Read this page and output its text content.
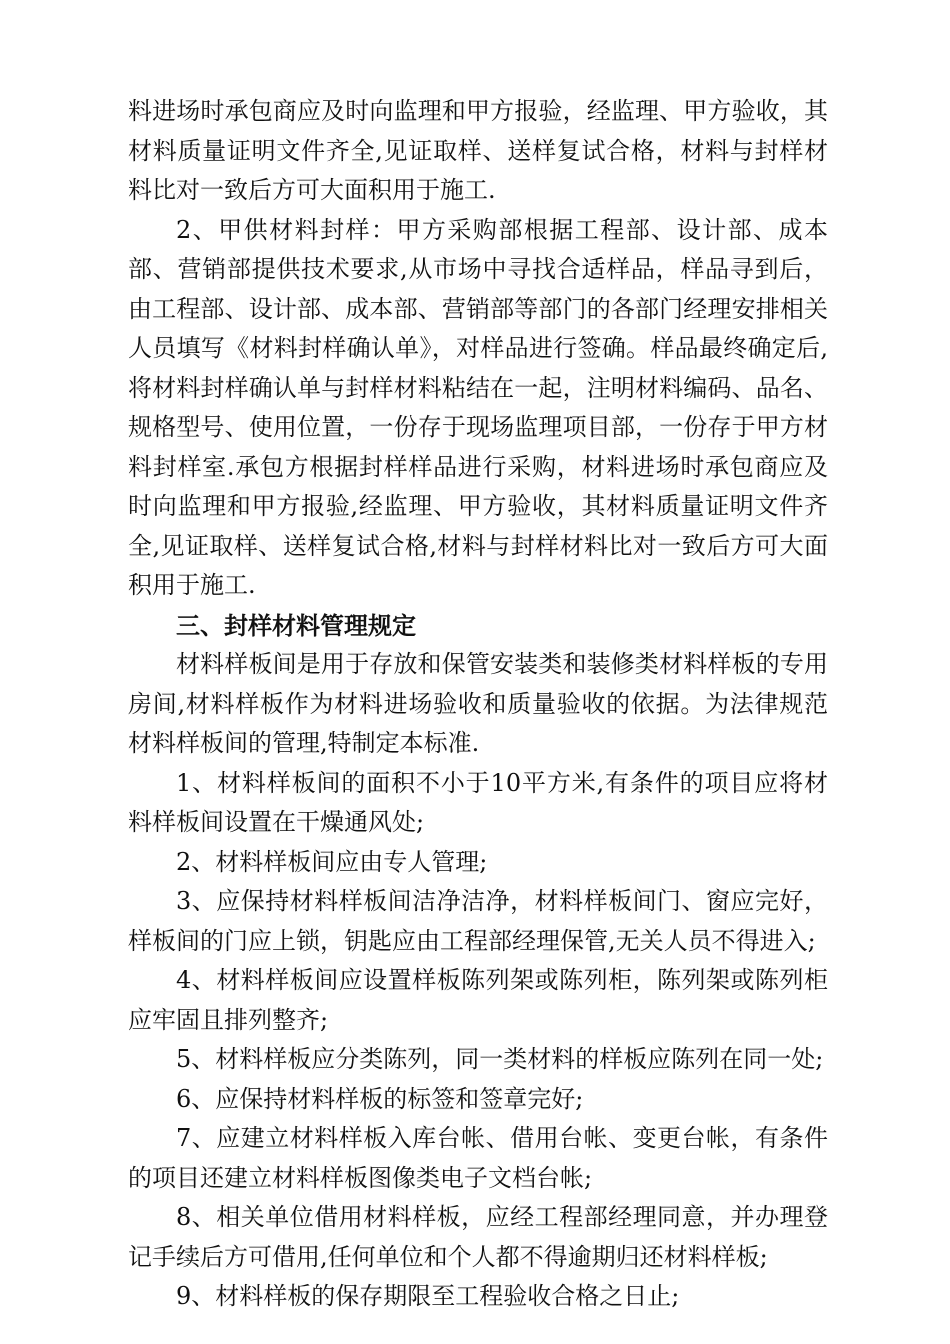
料进场时承包商应及时向监理和甲方报验，经监理、甲方验收，其材料质量证明文件齐全,见证取样、送样复试合格，材料与封样材料比对一致后方可大面积用于施工.

2、甲供材料封样：甲方采购部根据工程部、设计部、成本部、营销部提供技术要求,从市场中寻找合适样品，样品寻到后，由工程部、设计部、成本部、营销部等部门的各部门经理安排相关人员填写《材料封样确认单》，对样品进行签确。样品最终确定后,将材料封样确认单与封样材料粘结在一起，注明材料编码、品名、规格型号、使用位置，一份存于现场监理项目部，一份存于甲方材料封样室.承包方根据封样样品进行采购，材料进场时承包商应及时向监理和甲方报验,经监理、甲方验收，其材料质量证明文件齐全,见证取样、送样复试合格,材料与封样材料比对一致后方可大面积用于施工.

三、封样材料管理规定

材料样板间是用于存放和保管安装类和装修类材料样板的专用房间,材料样板作为材料进场验收和质量验收的依据。为法律规范材料样板间的管理,特制定本标准.

1、材料样板间的面积不小于10平方米,有条件的项目应将材料样板间设置在干燥通风处;

2、材料样板间应由专人管理;

3、应保持材料样板间洁净洁净，材料样板间门、窗应完好，样板间的门应上锁，钥匙应由工程部经理保管,无关人员不得进入;

4、材料样板间应设置样板陈列架或陈列柜，陈列架或陈列柜应牢固且排列整齐;

5、材料样板应分类陈列，同一类材料的样板应陈列在同一处;

6、应保持材料样板的标签和签章完好;

7、应建立材料样板入库台帐、借用台帐、变更台帐，有条件的项目还建立材料样板图像类电子文档台帐;

8、相关单位借用材料样板，应经工程部经理同意，并办理登记手续后方可借用,任何单位和个人都不得逾期归还材料样板;

9、材料样板的保存期限至工程验收合格之日止;
